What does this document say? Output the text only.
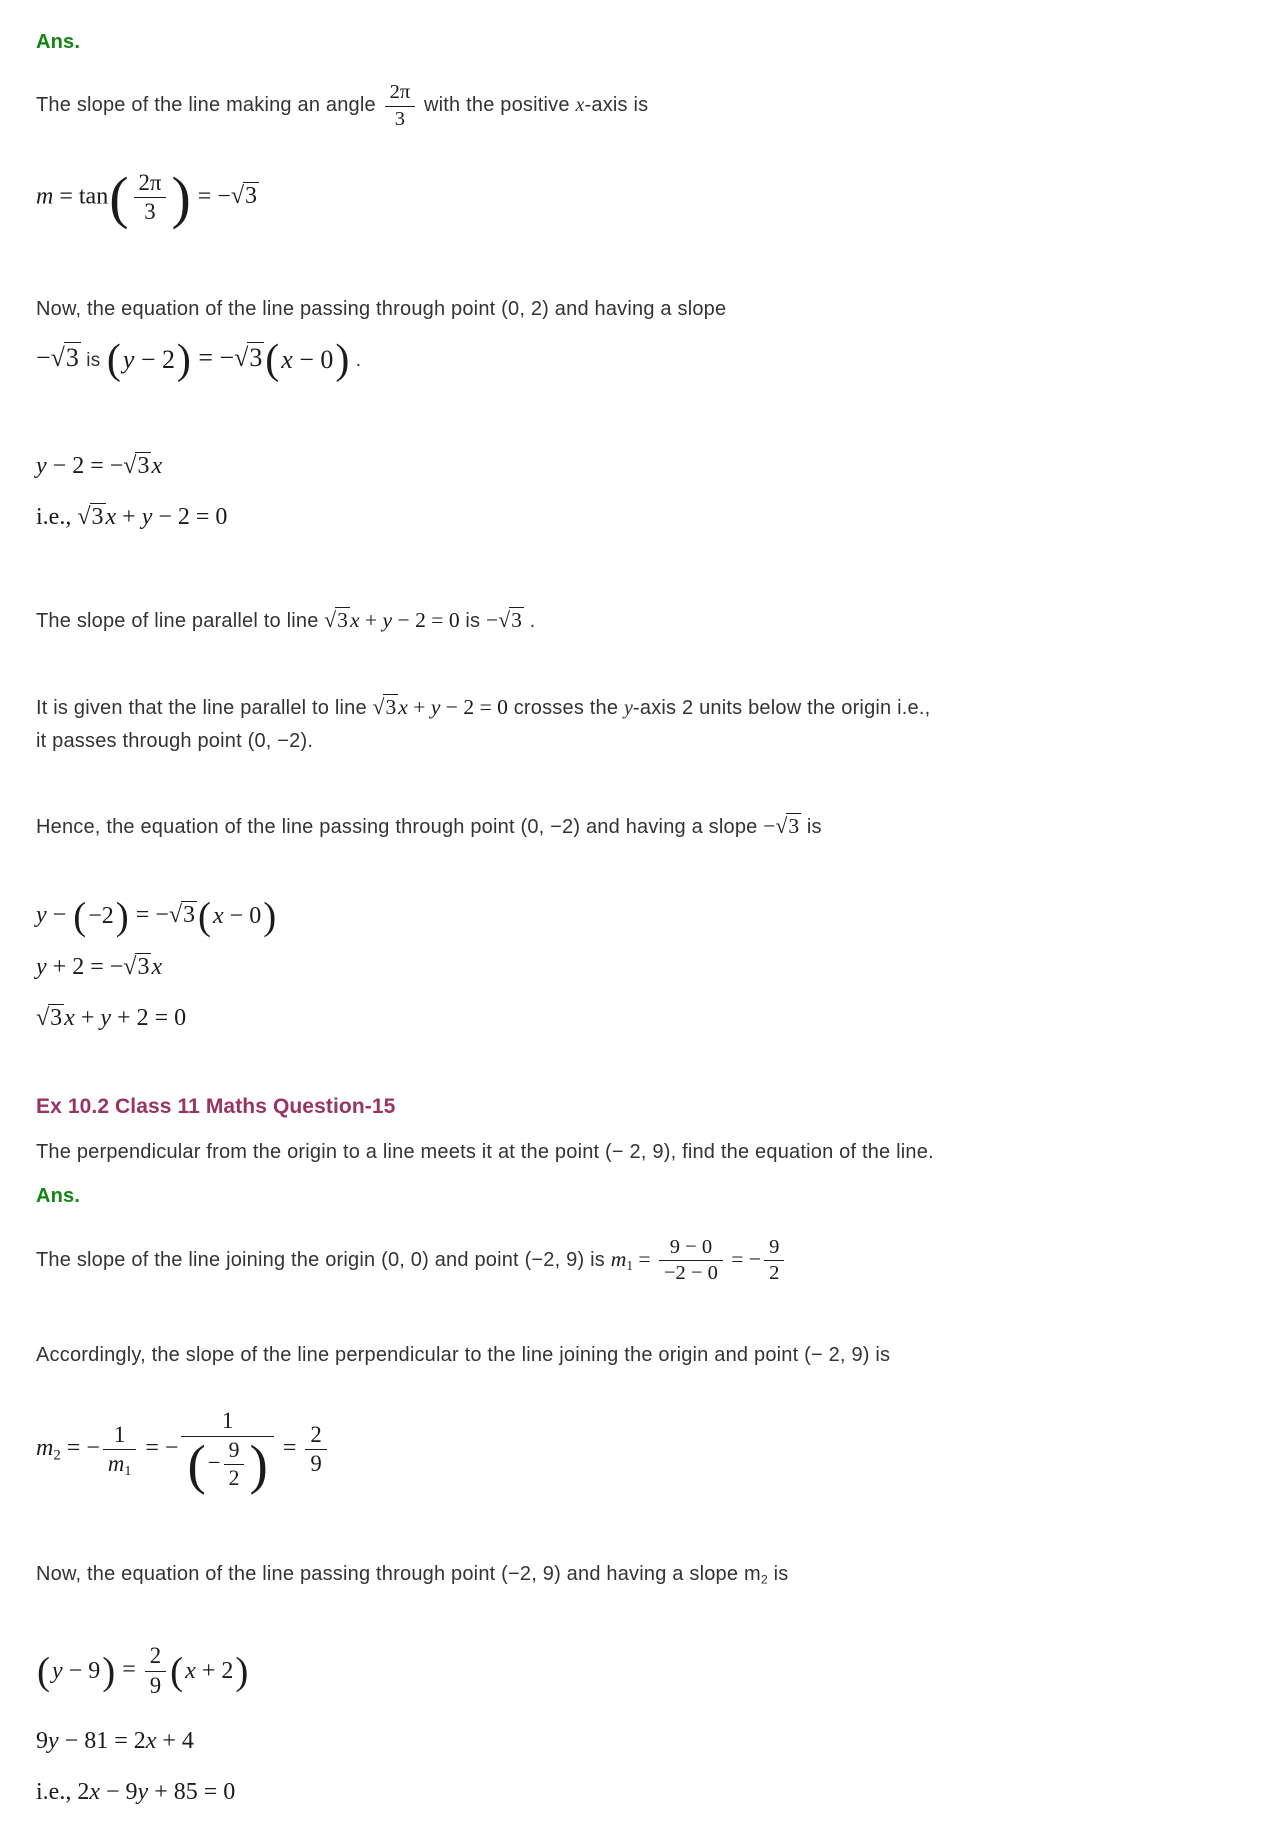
Ans.
The slope of the line making an angle $\frac{2\pi}{3}$ with the positive x-axis is
m = tan ( $\frac{2\pi}{3}$ ) = −√3
Now, the equation of the line passing through point (0, 2) and having a slope
−√3 is ( y − 2 ) = −√3 ( x − 0 ) .
y − 2 = −√3x
i.e., √3x + y − 2 = 0
The slope of line parallel to line √3x + y − 2 = 0 is −√3 .
It is given that the line parallel to line √3x + y − 2 = 0 crosses the y-axis 2 units below the origin i.e., it passes through point (0, −2).
Hence, the equation of the line passing through point (0, −2) and having a slope −√3 is
y − ( −2 ) = −√3 ( x − 0 )
y + 2 = −√3x
√3x + y + 2 = 0
Ex 10.2 Class 11 Maths Question-15
The perpendicular from the origin to a line meets it at the point (− 2, 9), find the equation of the line.
Ans.
The slope of the line joining the origin (0, 0) and point (−2, 9) is $m_1 = \frac{9 - 0}{-2 - 0}$ = − $\frac{9}{2}$
Accordingly, the slope of the line perpendicular to the line joining the origin and point (− 2, 9) is
$m_2$ = − $\frac{1}{m_1}$ = − $\frac{1}{( - \frac{9}{2} )} = \frac{2}{9}$
Now, the equation of the line passing through point (−2, 9) and having a slope $m_2$ is
( y − 9 ) = $\frac{2}{9}$ ( x + 2 )
9y − 81 = 2x + 4
i.e., 2x − 9y + 85 = 0
